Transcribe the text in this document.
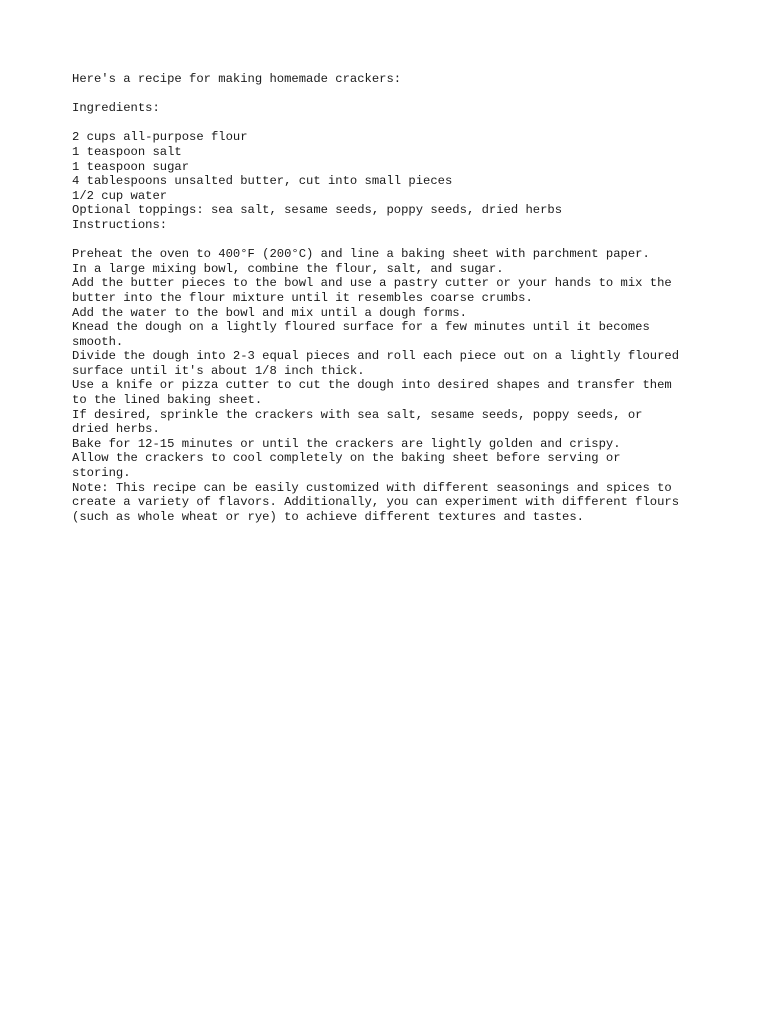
Here's a recipe for making homemade crackers:
Ingredients:
2 cups all-purpose flour
1 teaspoon salt
1 teaspoon sugar
4 tablespoons unsalted butter, cut into small pieces
1/2 cup water
Optional toppings: sea salt, sesame seeds, poppy seeds, dried herbs
Instructions:
Preheat the oven to 400°F (200°C) and line a baking sheet with parchment paper.
In a large mixing bowl, combine the flour, salt, and sugar.
Add the butter pieces to the bowl and use a pastry cutter or your hands to mix the
butter into the flour mixture until it resembles coarse crumbs.
Add the water to the bowl and mix until a dough forms.
Knead the dough on a lightly floured surface for a few minutes until it becomes
smooth.
Divide the dough into 2-3 equal pieces and roll each piece out on a lightly floured
surface until it's about 1/8 inch thick.
Use a knife or pizza cutter to cut the dough into desired shapes and transfer them
to the lined baking sheet.
If desired, sprinkle the crackers with sea salt, sesame seeds, poppy seeds, or
dried herbs.
Bake for 12-15 minutes or until the crackers are lightly golden and crispy.
Allow the crackers to cool completely on the baking sheet before serving or
storing.
Note: This recipe can be easily customized with different seasonings and spices to
create a variety of flavors. Additionally, you can experiment with different flours
(such as whole wheat or rye) to achieve different textures and tastes.
